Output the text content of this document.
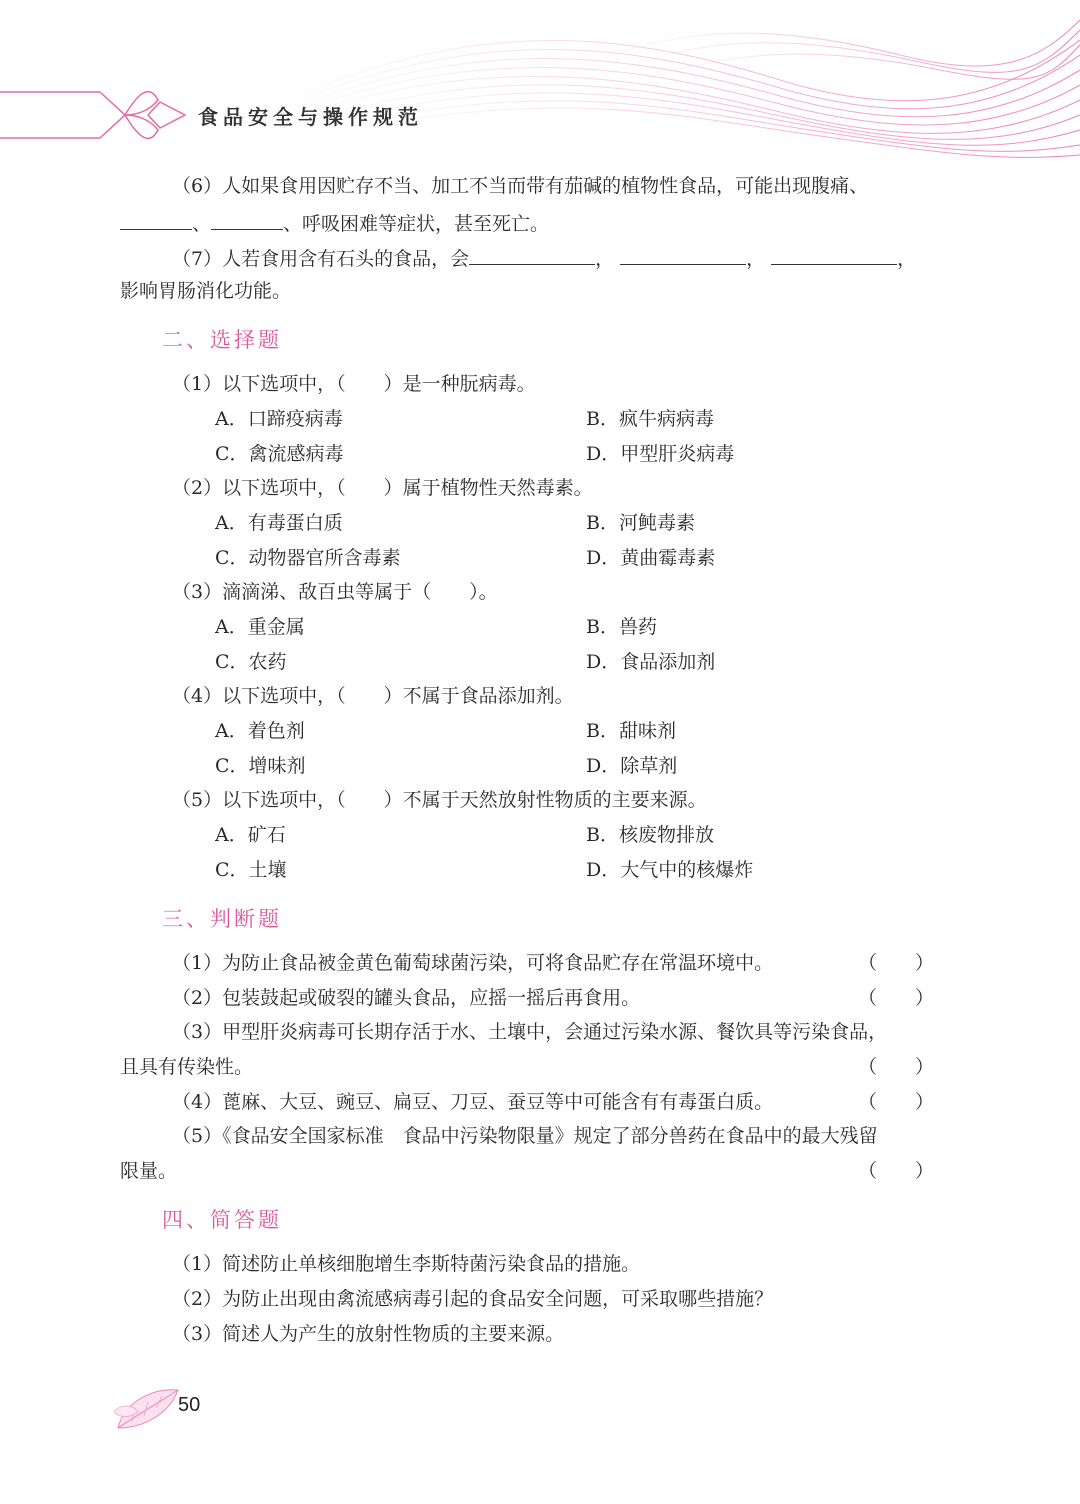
食品安全与操作规范
（6）人如果食用因贮存不当、加工不当而带有茄碱的植物性食品，可能出现腹痛、
、	、呼吸困难等症状，甚至死亡。
（7）人若食用含有石头的食品，会	，	，	，
影响胃肠消化功能。
二、选择题
（1）以下选项中，（　　）是一种朊病毒。
A．口蹄疫病毒	B．疯牛病病毒
C．禽流感病毒	D．甲型肝炎病毒
（2）以下选项中，（　　）属于植物性天然毒素。
A．有毒蛋白质	B．河鲀毒素
C．动物器官所含毒素	D．黄曲霉毒素
（3）滴滴涕、敌百虫等属于（　　）。
A．重金属	B．兽药
C．农药	D．食品添加剂
（4）以下选项中，（　　）不属于食品添加剂。
A．着色剂	B．甜味剂
C．增味剂	D．除草剂
（5）以下选项中，（　　）不属于天然放射性物质的主要来源。
A．矿石	B．核废物排放
C．土壤	D．大气中的核爆炸
三、判断题
（1）为防止食品被金黄色葡萄球菌污染，可将食品贮存在常温环境中。	（　　）
（2）包装鼓起或破裂的罐头食品，应摇一摇后再食用。	（　　）
（3）甲型肝炎病毒可长期存活于水、土壤中，会通过污染水源、餐饮具等污染食品，
且具有传染性。	（　　）
（4）蓖麻、大豆、豌豆、扁豆、刀豆、蚕豆等中可能含有有毒蛋白质。	（　　）
（5）《食品安全国家标准　食品中污染物限量》规定了部分兽药在食品中的最大残留
限量。	（　　）
四、简答题
（1）简述防止单核细胞增生李斯特菌污染食品的措施。
（2）为防止出现由禽流感病毒引起的食品安全问题，可采取哪些措施？
（3）简述人为产生的放射性物质的主要来源。
50
